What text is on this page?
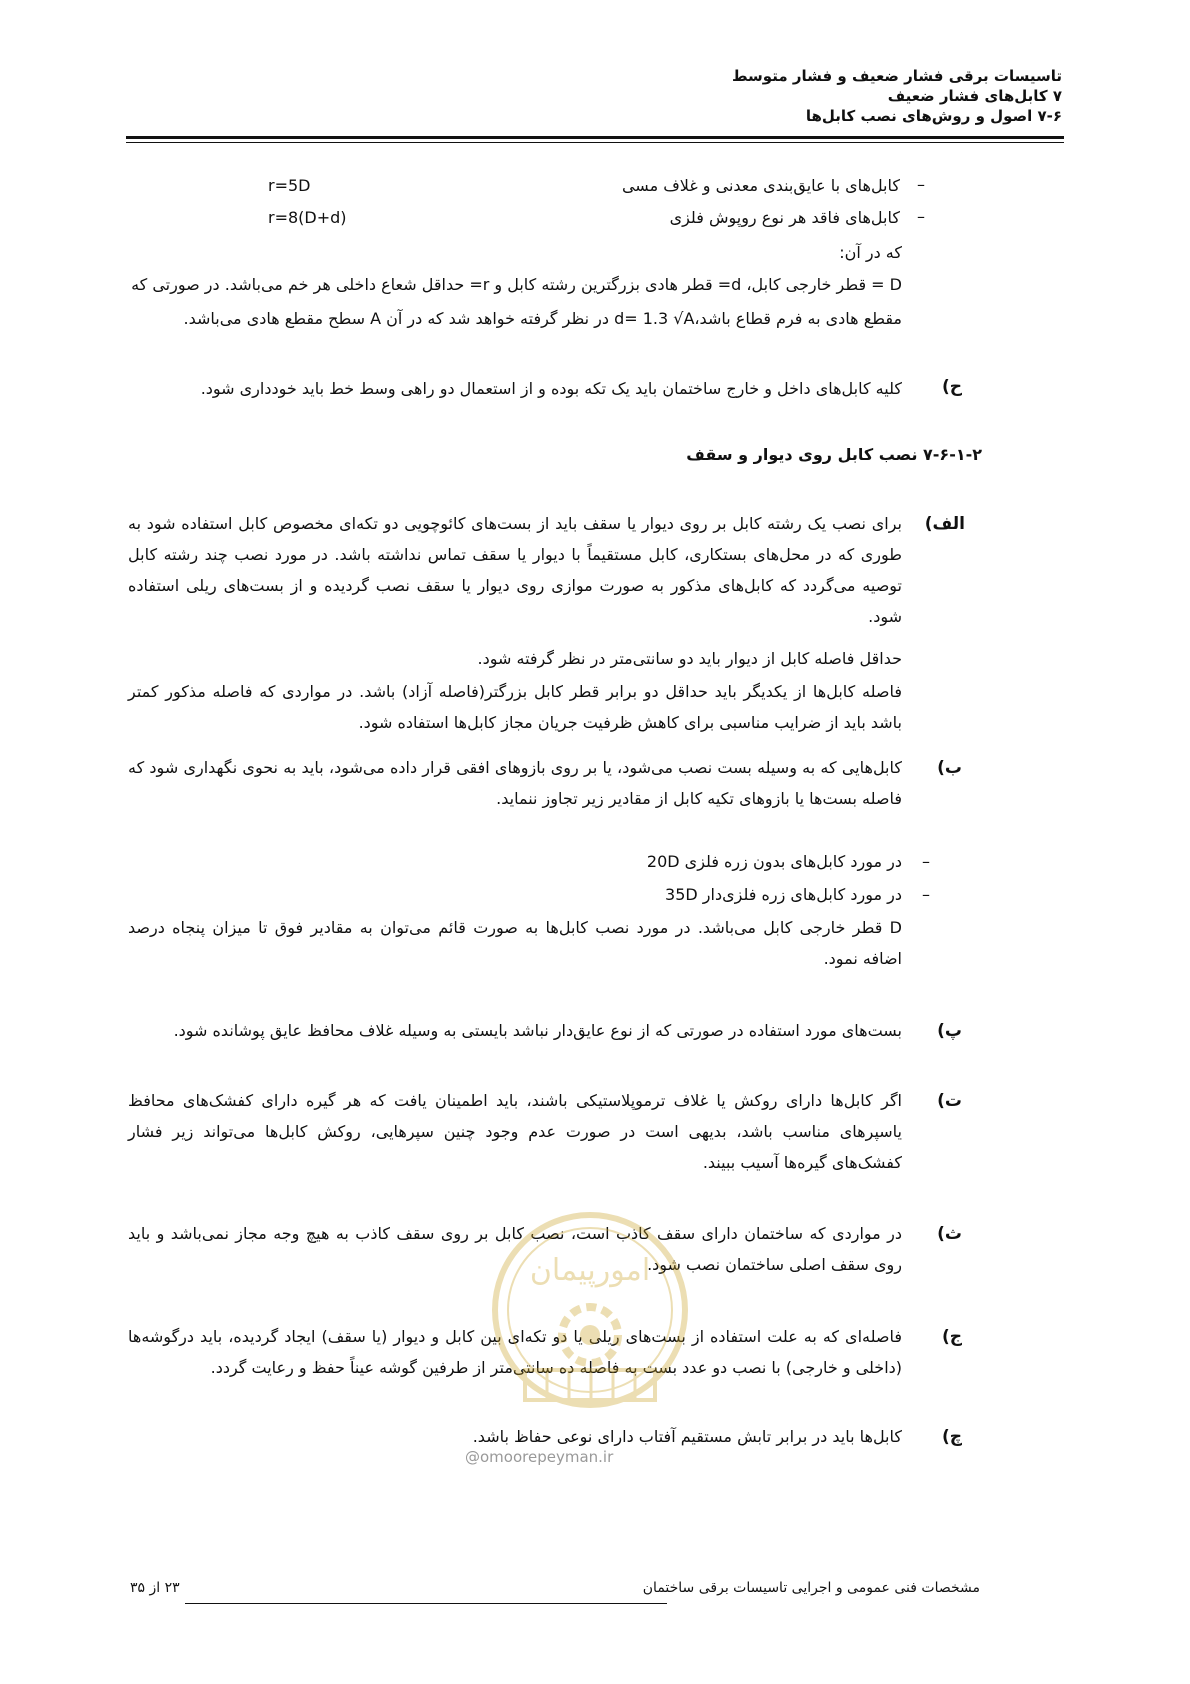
تاسیسات برقی فشار ضعیف و فشار متوسط
۷ کابل‌های فشار ضعیف
۷-۶ اصول و روش‌های نصب کابل‌ها
–
کابل‌های با عایق‌بندی معدنی و غلاف مسی
r=5D
–
کابل‌های فاقد هر نوع روپوش فلزی
r=8(D+d)
که در آن:
D = قطر خارجی کابل، d= قطر هادی بزرگترین رشته کابل و r= حداقل شعاع داخلی هر خم می‌باشد. در صورتی که
مقطع هادی به فرم قطاع باشد،d= 1.3 √A در نظر گرفته خواهد شد که در آن A سطح مقطع هادی می‌باشد.
ح)
کلیه کابل‌های داخل و خارج ساختمان باید یک تکه بوده و از استعمال دو راهی وسط خط باید خودداری شود.
۷-۶-۱-۲ نصب کابل روی دیوار و سقف
الف)
برای نصب یک رشته کابل بر روی دیوار یا سقف باید از بست‌های کائوچویی دو تکه‌ای مخصوص کابل استفاده شود به طوری که در محل‌های بستکاری، کابل مستقیماً با دیوار یا سقف تماس نداشته باشد. در مورد نصب چند رشته کابل توصیه می‌گردد که کابل‌های مذکور به صورت موازی روی دیوار یا سقف نصب گردیده و از بست‌های ریلی استفاده شود.
حداقل فاصله کابل از دیوار باید دو سانتی‌متر در نظر گرفته شود.
فاصله کابل‌ها از یکدیگر باید حداقل دو برابر قطر کابل بزرگتر(فاصله آزاد) باشد. در مواردی که فاصله مذکور کمتر باشد باید از ضرایب مناسبی برای کاهش ظرفیت جریان مجاز کابل‌ها استفاده شود.
ب)
کابل‌هایی که به وسیله بست نصب می‌شود، یا بر روی بازوهای افقی قرار داده می‌شود، باید به نحوی نگهداری شود که فاصله بست‌ها یا بازوهای تکیه کابل از مقادیر زیر تجاوز ننماید.
–
در مورد کابل‌های بدون زره فلزی 20D
–
در مورد کابل‌های زره فلزی‌دار 35D
D قطر خارجی کابل می‌باشد. در مورد نصب کابل‌ها به صورت قائم می‌توان به مقادیر فوق تا میزان پنجاه درصد اضافه نمود.
پ)
بست‌های مورد استفاده در صورتی که از نوع عایق‌دار نباشد بایستی به وسیله غلاف محافظ عایق پوشانده شود.
ت)
اگر کابل‌ها دارای روکش یا غلاف ترموپلاستیکی باشند، باید اطمینان یافت که هر گیره دارای کفشک‌های محافظ یاسپرهای مناسب باشد، بدیهی است در صورت عدم وجود چنین سپرهایی، روکش کابل‌ها می‌تواند زیر فشار کفشک‌های گیره‌ها آسیب ببیند.
ث)
در مواردی که ساختمان دارای سقف کاذب است، نصب کابل بر روی سقف کاذب به هیچ وجه مجاز نمی‌باشد و باید روی سقف اصلی ساختمان نصب شود.
ج)
فاصله‌ای که به علت استفاده از بست‌های ریلی یا دو تکه‌ای بین کابل و دیوار (یا سقف) ایجاد گردیده، باید درگوشه‌ها (داخلی و خارجی) با نصب دو عدد بست به فاصله ده سانتی‌متر از طرفین گوشه عیناً حفظ و رعایت گردد.
چ)
کابل‌ها باید در برابر تابش مستقیم آفتاب دارای نوعی حفاظ باشد.
مشخصات فنی عمومی و اجرایی تاسیسات برقی ساختمان
۲۳ از ۳۵
امورپیمان
@omoorepeyman.ir
